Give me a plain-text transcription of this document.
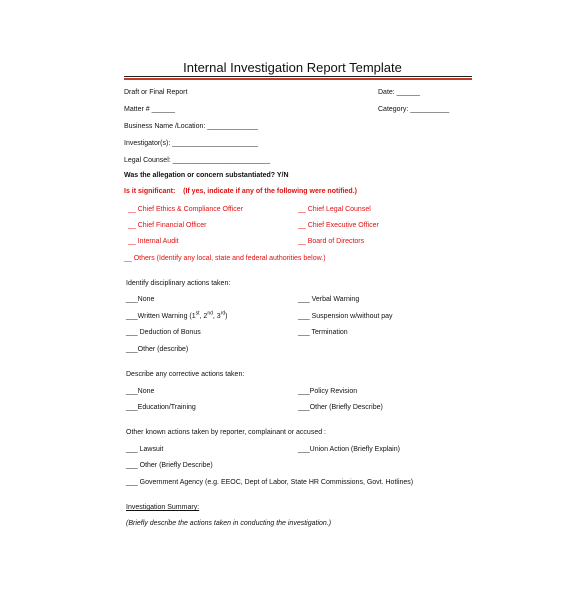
Internal Investigation Report Template
Draft or Final Report	Date: ______
Matter # ______	Category: __________
Business Name /Location: _____________
Investigator(s): ______________________
Legal Counsel: _________________________
Was the allegation or concern substantiated? Y/N
Is it significant: (If yes, indicate if any of the following were notified.)
__ Chief Ethics & Compliance Officer	__ Chief Legal Counsel
__ Chief Financial Officer	__ Chief Executive Officer
__ Internal Audit	__ Board of Directors
__ Others (Identify any local, state and federal authorities below.)
Identify disciplinary actions taken:
___None	___ Verbal Warning
___Written Warning (1st, 2nd, 3rd)	___ Suspension w/without pay
___ Deduction of Bonus	___ Termination
___Other (describe)
Describe any corrective actions taken:
___None	___Policy Revision
___Education/Training	___Other (Briefly Describe)
Other known actions taken by reporter, complainant or accused :
___ Lawsuit	___Union Action (Briefly Explain)
___ Other (Briefly Describe)
___ Government Agency (e.g. EEOC, Dept of Labor, State HR Commissions, Govt. Hotlines)
Investigation Summary:
(Briefly describe the actions taken in conducting the investigation.)
